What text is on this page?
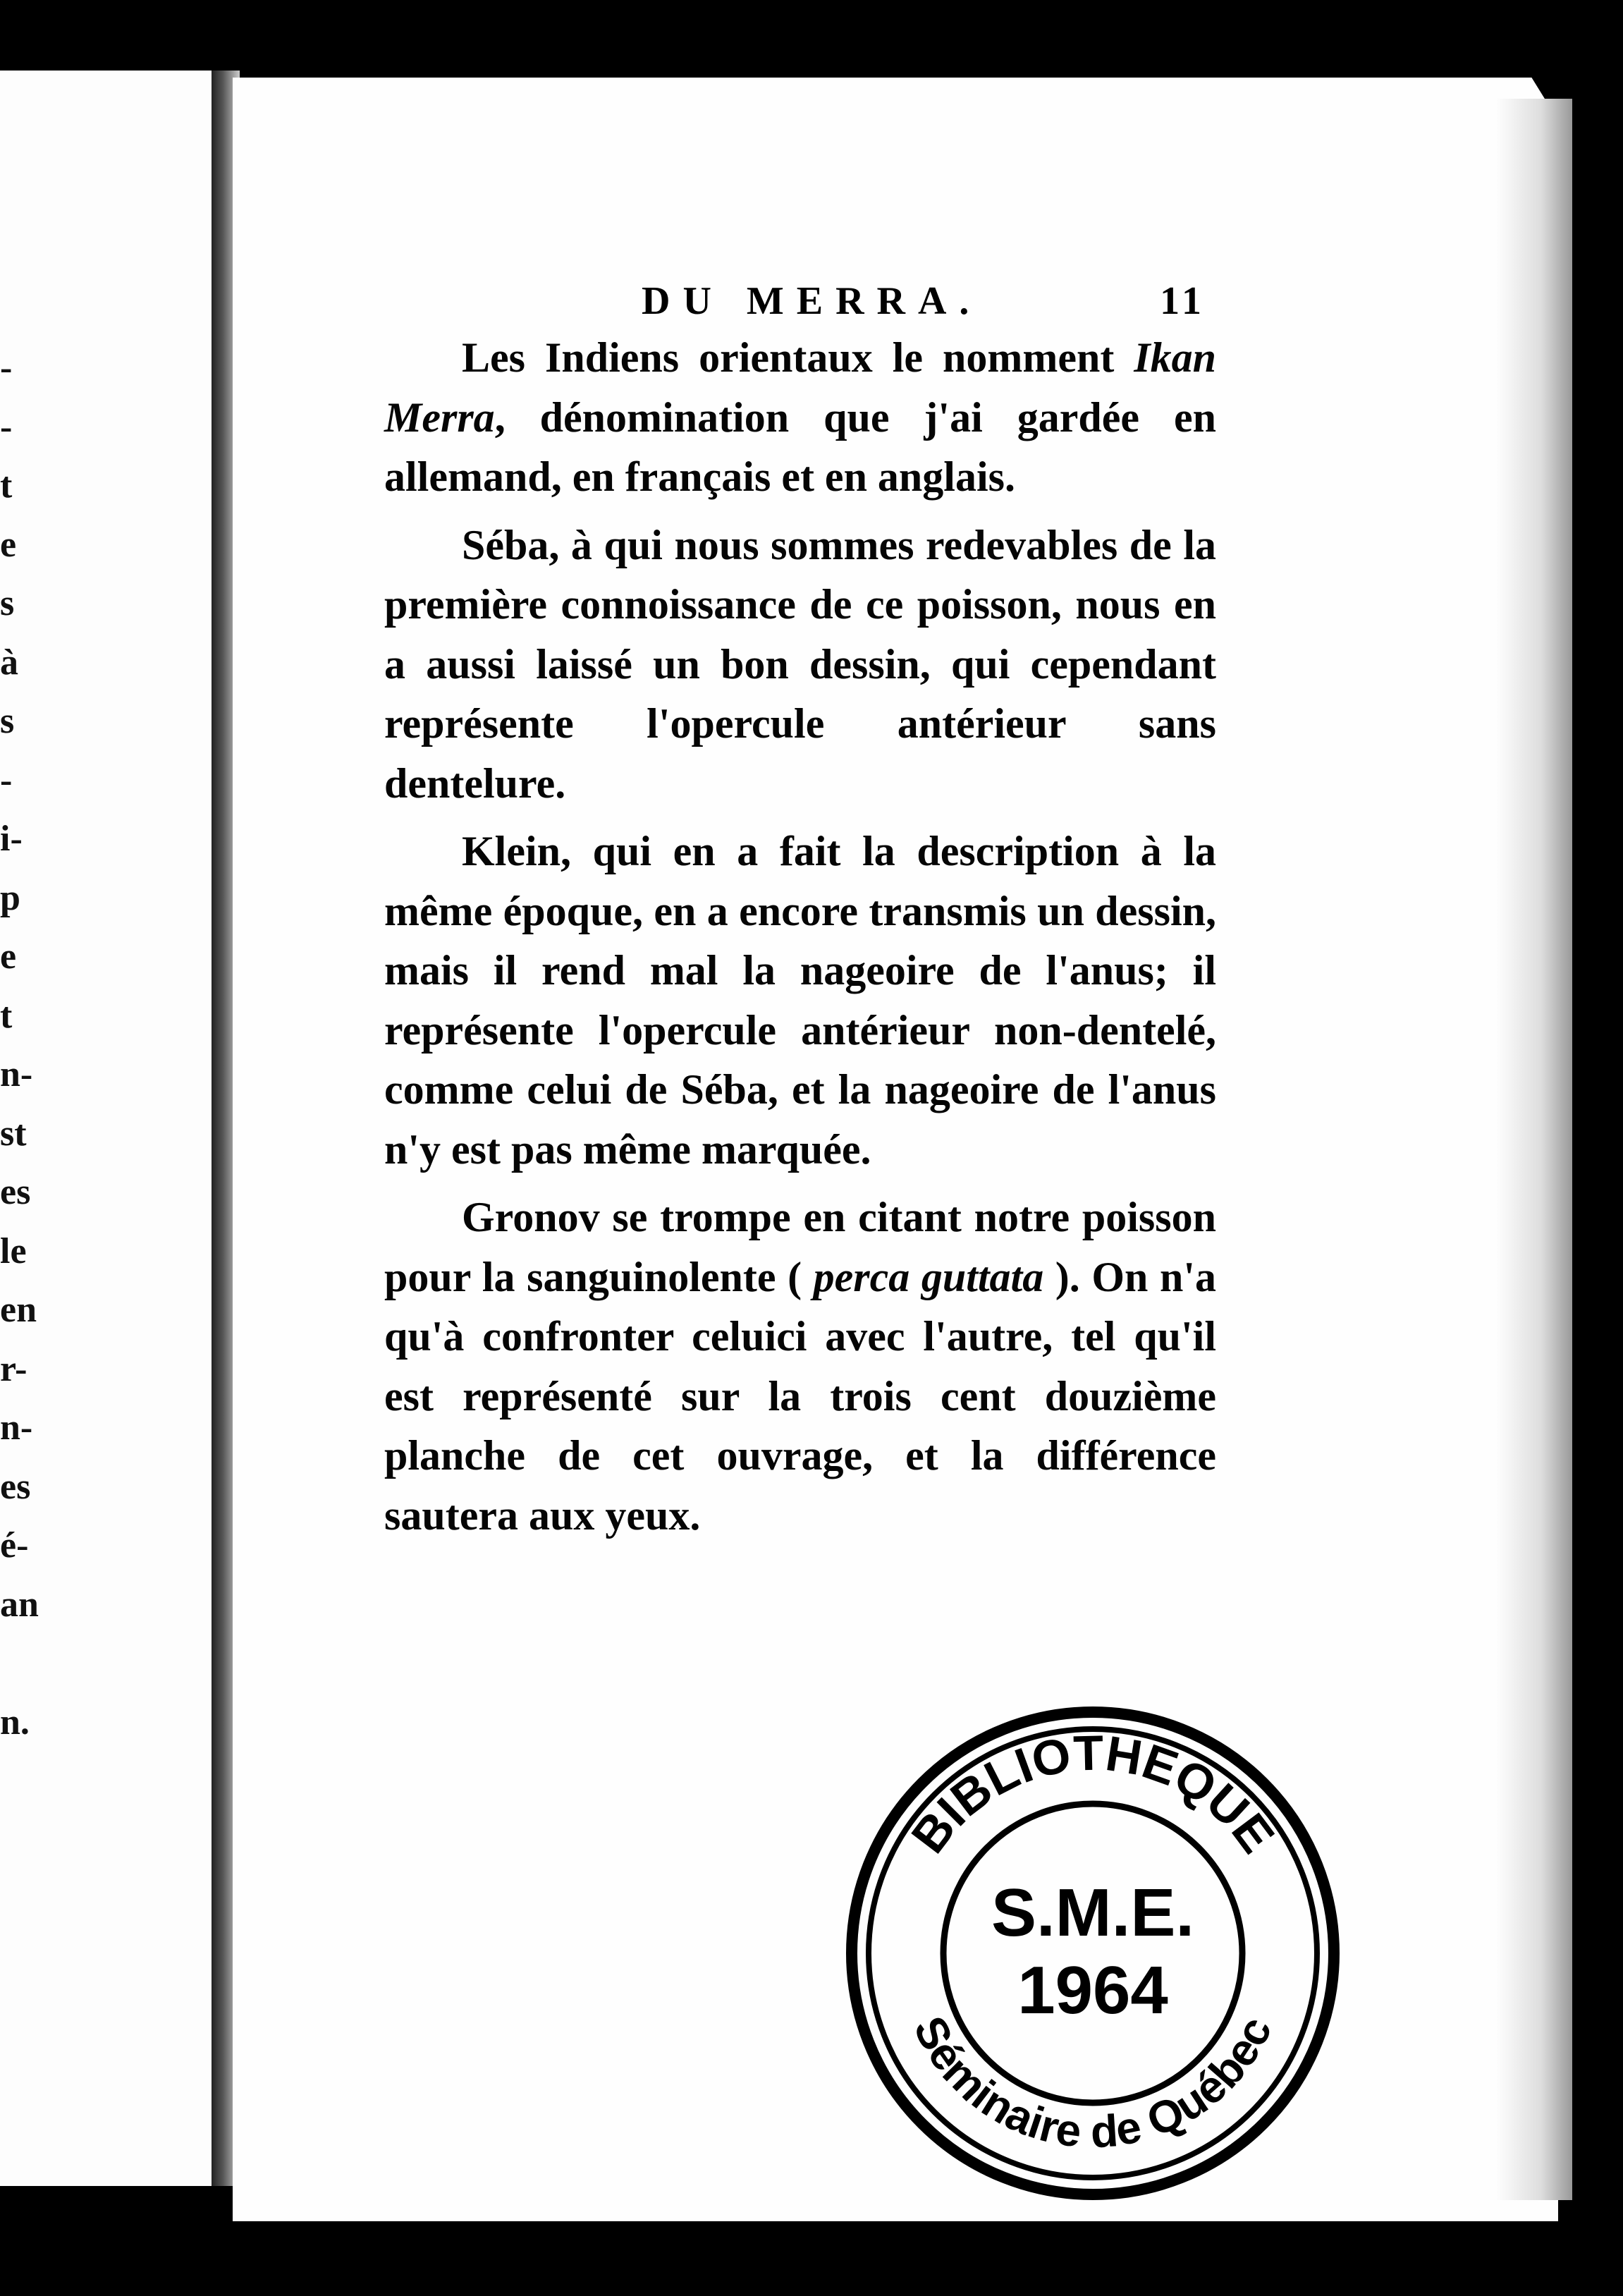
-
-
t
e
s
à
s
-
i-
p
e
t
n-
st
es
le
en
r-
n-
es
é-
an
n.
DU MERRA.	11

Les Indiens orientaux le nomment Ikan Merra, dénomination que j'ai gardée en allemand, en français et en anglais.

Séba, à qui nous sommes redevables de la première connoissance de ce poisson, nous en a aussi laissé un bon dessin, qui cependant représente l'opercule antérieur sans dentelure.

Klein, qui en a fait la description à la même époque, en a encore transmis un dessin, mais il rend mal la nageoire de l'anus; il représente l'opercule antérieur non-dentelé, comme celui de Séba, et la nageoire de l'anus n'y est pas même marquée.

Gronov se trompe en citant notre poisson pour la sanguinolente ( perca guttata ). On n'a qu'à confronter celuici avec l'autre, tel qu'il est représenté sur la trois cent douzième planche de cet ouvrage, et la différence sautera aux yeux.

BIBLIOTHEQUE
Séminaire de Québec
S.M.E.
1964
